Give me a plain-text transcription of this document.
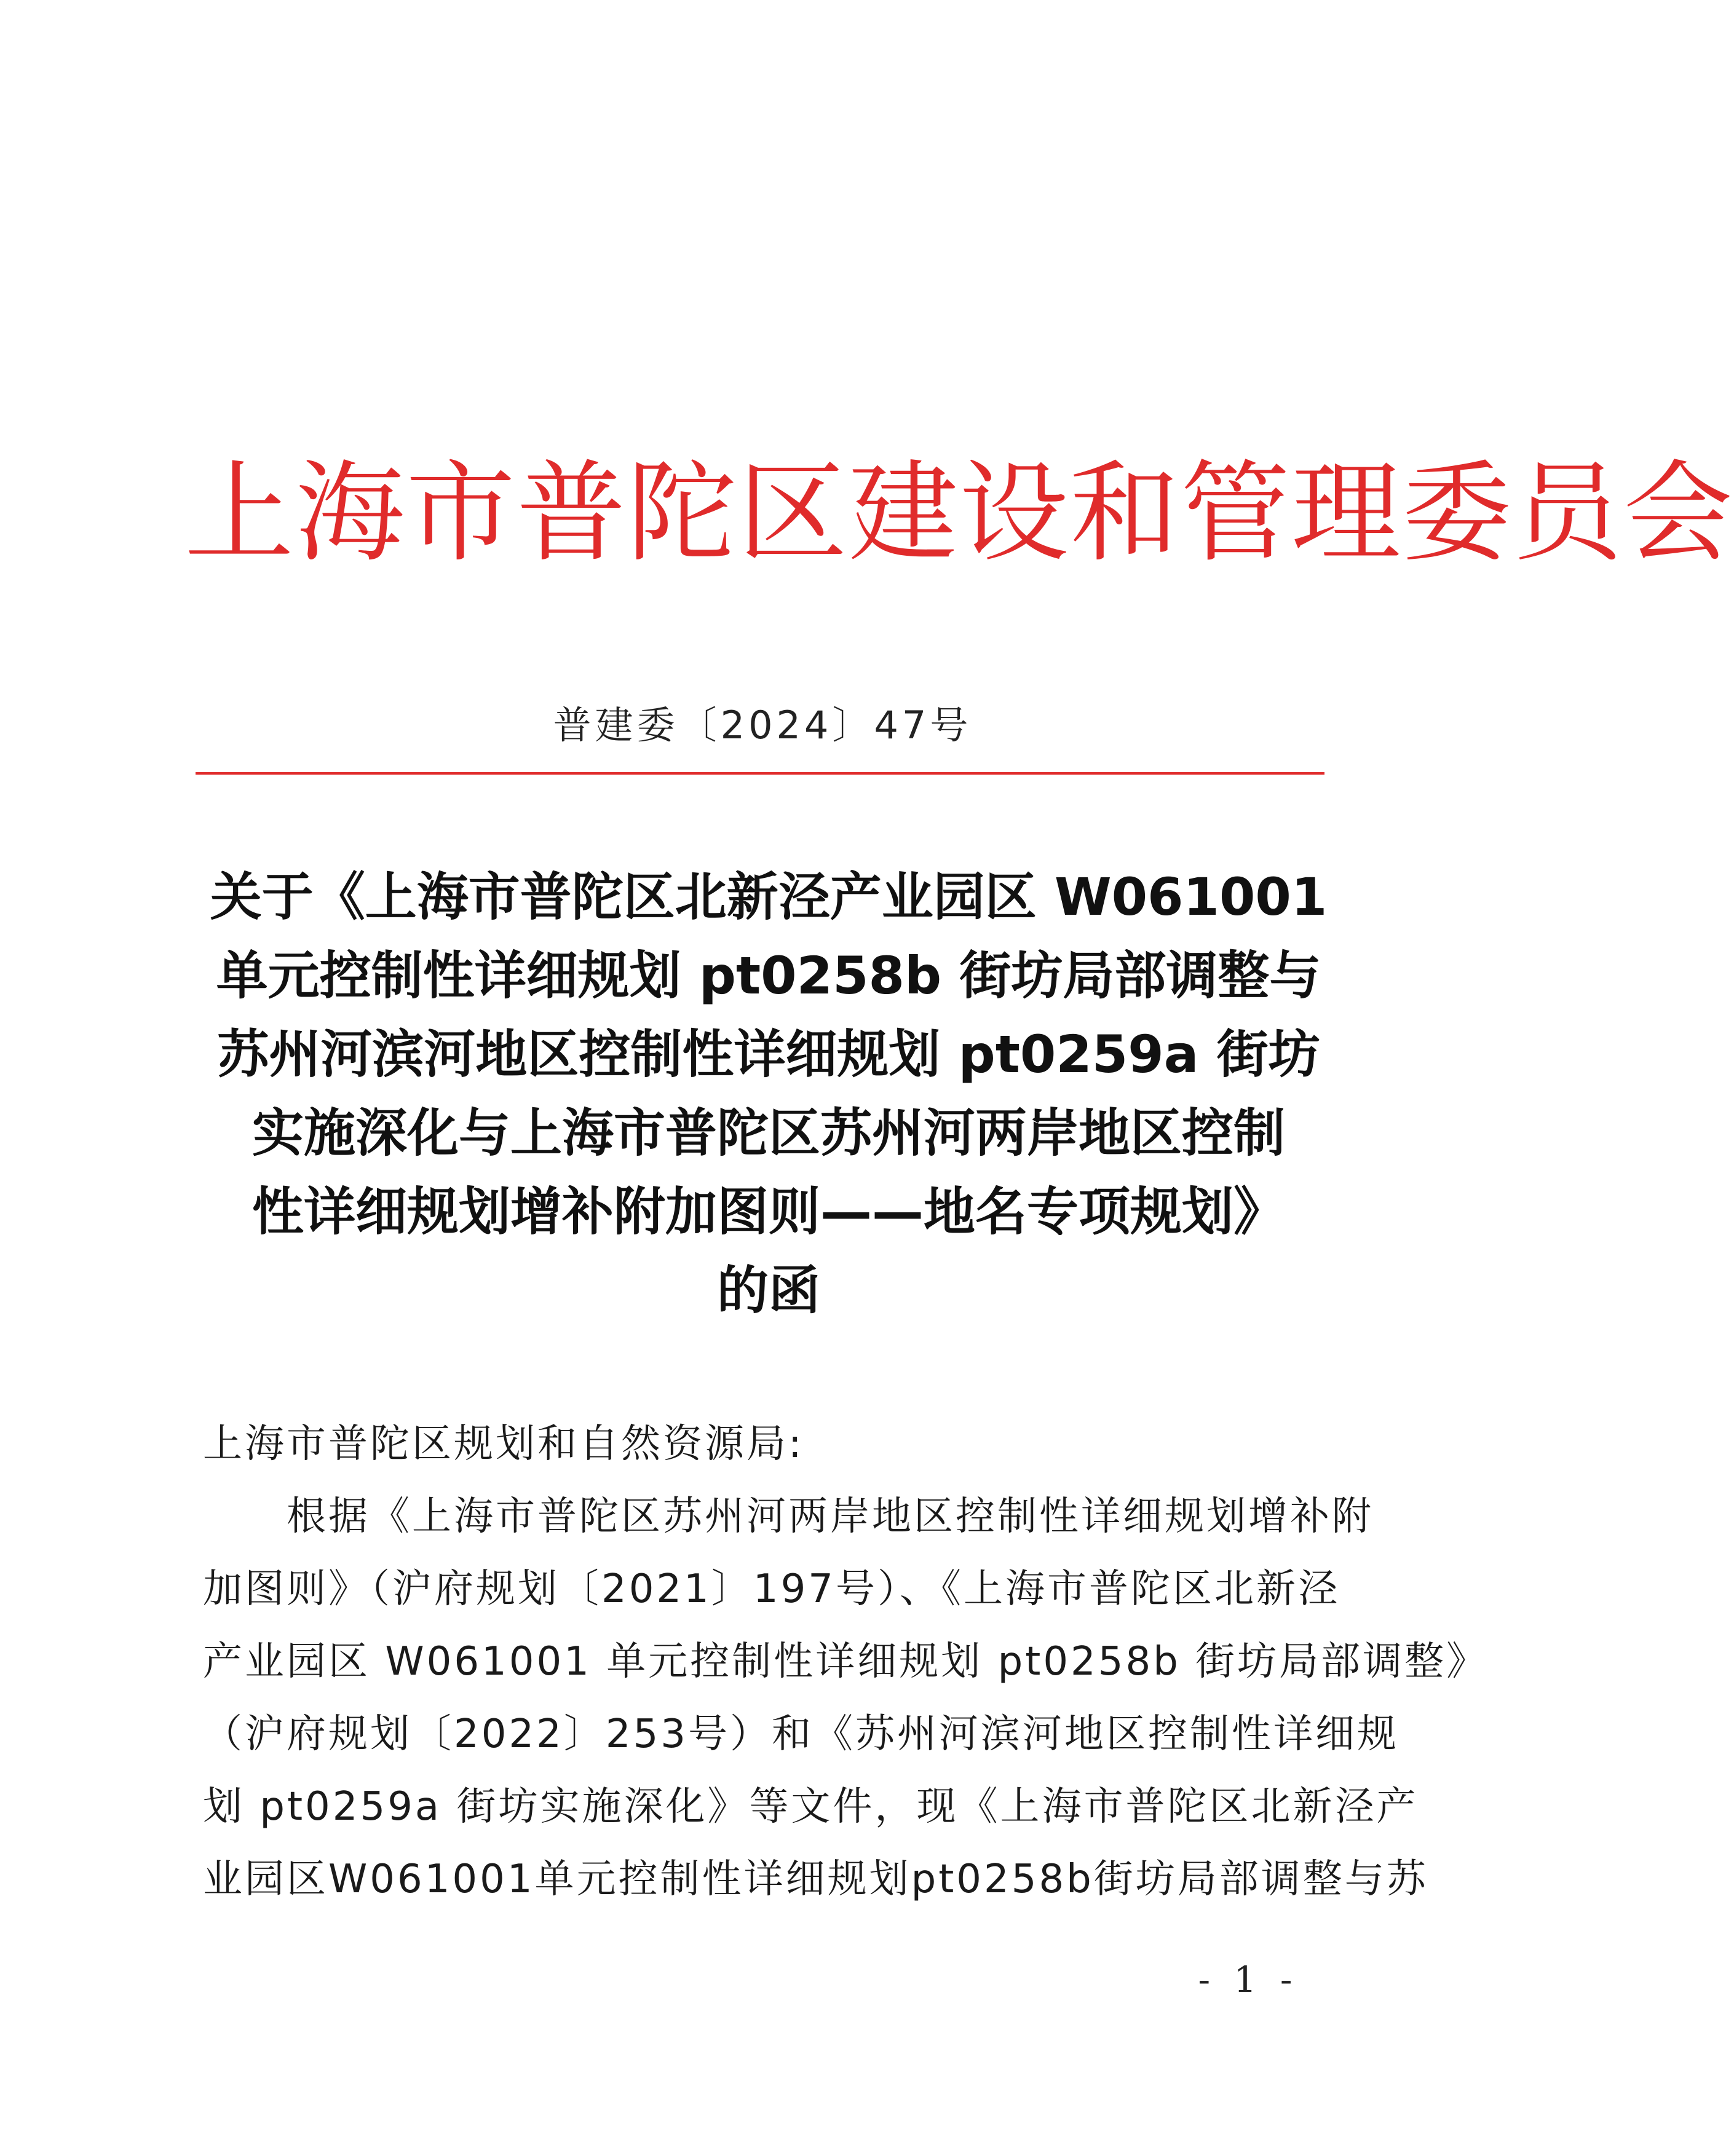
上海市普陀区建设和管理委员会
普建委〔2024〕47号
关于《上海市普陀区北新泾产业园区 W061001
单元控制性详细规划 pt0258b 街坊局部调整与
苏州河滨河地区控制性详细规划 pt0259a 街坊
实施深化与上海市普陀区苏州河两岸地区控制
性详细规划增补附加图则——地名专项规划》
的函
上海市普陀区规划和自然资源局:
　　根据《上海市普陀区苏州河两岸地区控制性详细规划增补附
加图则》（沪府规划〔2021〕197号）、《上海市普陀区北新泾
产业园区 W061001 单元控制性详细规划 pt0258b 街坊局部调整》
（沪府规划〔2022〕253号）和《苏州河滨河地区控制性详细规
划 pt0259a 街坊实施深化》等文件，现《上海市普陀区北新泾产
业园区W061001单元控制性详细规划pt0258b街坊局部调整与苏
- 1 -
